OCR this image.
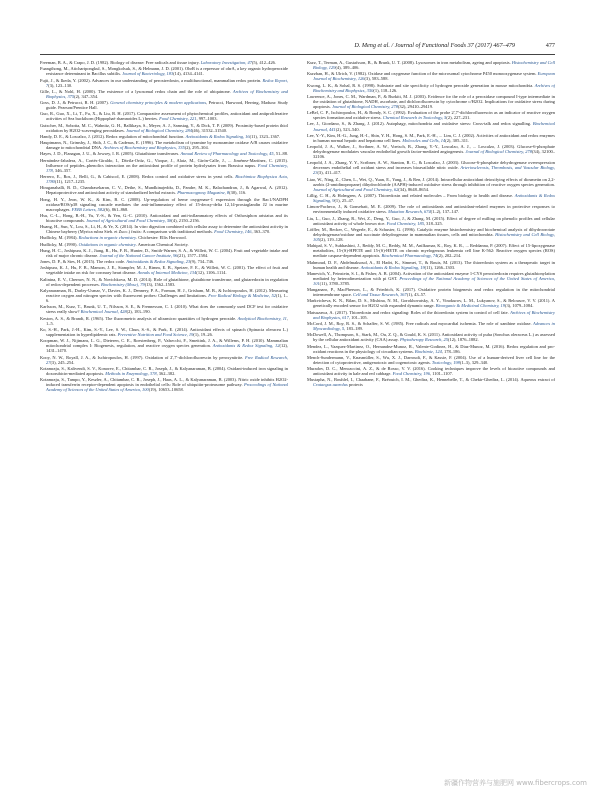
D. Meng et al. / Journal of Functional Foods 37 (2017) 467–479	477

Freeman, B. A., & Crapo, J. D. (1982). Biology of disease: Free radicals and tissue injury. Laboratory Investigation, 47(5), 412–426.

Fuangthong, M., Atichartpongkul, S., Mongkolsuk, S., & Helmann, J. D. (2001). OhrR is a repressor of ohrA, a key organic hydroperoxide resistance determinant in Bacillus subtilis. Journal of Bacteriology, 183(14), 4134–4141.

Fujii, J., & Ikeda, Y. (2002). Advances in our understanding of peroxiredoxin, a multifunctional, mammalian redox protein. Redox Report, 7(3), 123–130.

Gille, L., & Nohl, H. (2000). The existence of a lysosomal redox chain and the role of ubiquinone. Archives of Biochemistry and Biophysics, 375(2), 347–354.

Goss, D. J., & Petrucci, R. H. (2007). General chemistry principles & modern applications, Petrucci, Harwood, Herring, Madura: Study guide. Pearson/Prentice Hall.

Guo, R., Guo, X., Li, T., Fu, X., & Liu, R. H. (2017). Comparative assessment of phytochemical profiles, antioxidant and antiproliferative activities of Sea buckthorn (Hippophaë rhamnoides L.) berries. Food Chemistry, 221, 997–1003.

Gutscher, M., Sobotta, M. C., Wabnitz, G. H., Ballikaya, S., Meyer, A. J., Samstag, Y., & Dick, T. P. (2009). Proximity-based protein thiol oxidation by H2O2-scavenging peroxidases. Journal of Biological Chemistry, 284(46), 31532–31540.

Handy, D. E., & Loscalzo, J. (2012). Redox regulation of mitochondrial function. Antioxidants & Redox Signaling, 16(11), 1323–1367.

Hauptmann, N., Grimsby, J., Shih, J. C., & Cadenas, E. (1996). The metabolism of tyramine by monoamine oxidase A/B causes oxidative damage to mitochondrial DNA. Archives of Biochemistry and Biophysics, 335(2), 295–304.

Hayes, J. D., Flanagan, J. U., & Jowsey, I. R. (2005). Glutathione transferases. Annual Review of Pharmacology and Toxicology, 45, 51–88.

Hernández-Jabalera, A., Cortés-Giraldo, I., Dávila-Ortíz, G., Vioque, J., Alaiz, M., Girón-Calle, J., ... Jiménez-Martínez, C. (2015). Influence of peptides–phenolics interaction on the antioxidant profile of protein hydrolysates from Brassica napus. Food Chemistry, 178, 346–357.

Herrero, E., Ros, J., Bellí, G., & Cabiscol, E. (2008). Redox control and oxidative stress in yeast cells. Biochimica Biophysica Acta, 1780(11), 1217–1235.

Hiraganahalli, B. D., Chandrasekaran, C. V., Dethe, S., Mundkinajeddu, D., Pandre, M. K., Balachandran, J., & Agarwal, A. (2012). Hepatoprotective and antioxidant activity of standardized herbal extracts. Pharmacognosy Magazine, 8(30), 116.

Hong, H. Y., Jeon, W. K., & Kim, B. C. (2008). Up-regulation of heme oxygenase-1 expression through the Rac1/NADPH oxidase/ROS/p38 signaling cascade mediates the anti-inflammatory effect of 15-deoxy-delta 12,14-prostaglandin J2 in murine macrophages. FEBS Letters, 582(6), 861–868.

Hsu, C.-L., Hong, B.-H., Yu, Y.-S., & Yen, G.-C. (2010). Antioxidant and anti-inflammatory effects of Orthosiphon aristatus and its bioactive compounds. Journal of Agricultural and Food Chemistry, 58(4), 2150–2156.

Huang, H., Sun, Y., Lou, S., Li, H., & Ye, X. (2014). In vitro digestion combined with cellular assay to determine the antioxidant activity in Chinese bayberry (Myrica rubra Sieb. et Zucc.) fruits: A comparison with traditional methods. Food Chemistry, 146, 363–370.

Hudlicky, M. (1984). Reductions in organic chemistry. Chichester: Ellis Horwood.

Hudlicky, M. (1990). Oxidations in organic chemistry. American Chemical Society.

Hung, H. C., Joshipura, K. J., Jiang, R., Hu, F. B., Hunter, D., Smith-Warner, S. A., & Willett, W. C. (2004). Fruit and vegetable intake and risk of major chronic disease. Journal of the National Cancer Institute, 96(21), 1577–1584.

Jones, D. P., & Sies, H. (2015). The redox code. Antioxidants & Redox Signaling, 23(9), 734–746.

Joshipura, K. J., Hu, F. B., Manson, J. E., Stampfer, M. J., Rimm, E. B., Speizer, F. E., & Willett, W. C. (2001). The effect of fruit and vegetable intake on risk for coronary heart disease. Annals of Internal Medicine, 134(12), 1106–1114.

Kalinina, E. V., Chernov, N. N., & Novichkova, M. D. (2014). Role of glutathione, glutathione transferase, and glutaredoxin in regulation of redox-dependent processes. Biochemistry (Mosc), 79(13), 1562–1583.

Kalyanaraman, B., Darley-Usmar, V., Davies, K. J., Dennery, P. A., Forman, H. J., Grisham, M. B., & Ischiropoulos, H. (2012). Measuring reactive oxygen and nitrogen species with fluorescent probes: Challenges and limitations. Free Radical Biology & Medicine, 52(1), 1–6.

Karlsson, M., Kurz, T., Brunk, U. T., Nilsson, S. E., & Frennesson, C. I. (2010). What does the commonly used DCF test for oxidative stress really show? Biochemical Journal, 428(2), 183–190.

Keston, A. S., & Brandt, R. (1965). The fluorometric analysis of ultramicro quantities of hydrogen peroxide. Analytical Biochemistry, 11, 1–5.

Ko, S.-H., Park, J.-H., Kim, S.-Y., Lee, S. W., Chun, S.-S., & Park, E. (2014). Antioxidant effects of spinach (Spinacia oleracea L.) supplementation in hyperlipidemic rats. Preventive Nutrition and Food Science, 19(1), 19–26.

Koopman, W. J., Nijtmans, L. G., Dieteren, C. E., Roestenberg, P., Valsecchi, F., Smeitink, J. A., & Willems, P. H. (2010). Mammalian mitochondrial complex I: Biogenesis, regulation, and reactive oxygen species generation. Antioxidants & Redox Signaling, 12(12), 1431–1470.

Kooy, N. W., Royall, J. A., & Ischiropoulos, H. (1997). Oxidation of 2',7'-dichlorofluorescin by peroxynitrite. Free Radical Research, 27(3), 245–254.

Kotamraju, S., Kalivendi, S. V., Konorev, E., Chitambar, C. R., Joseph, J., & Kalyanaraman, B. (2004). Oxidant-induced iron signaling in doxorubicin-mediated apoptosis. Methods in Enzymology, 378, 362–382.

Kotamraju, S., Tampo, Y., Keszler, A., Chitambar, C. R., Joseph, J., Haas, A. L., & Kalyanaraman, B. (2003). Nitric oxide inhibits H2O2-induced transferrin receptor-dependent apoptosis in endothelial cells: Role of ubiquitin-proteasome pathway. Proceedings of National Academy of Sciences of the United States of America, 100(19), 10653–10658.

Kurz, T., Terman, A., Gustafsson, B., & Brunk, U. T. (2008). Lysosomes in iron metabolism, ageing and apoptosis. Histochemistry and Cell Biology, 129(4), 389–406.

Kurzban, H., & Ulrich, V. (1982). Oxidase and oxygenase function of the microsomal cytochrome P450 monooxygenase system. European Journal of Biochemistry, 126(3), 583–588.

Kwong, L. K., & Sohal, R. S. (1998). Substrate and site specificity of hydrogen peroxide generation in mouse mitochondria. Archives of Biochemistry and Biophysics, 350(1), 118–126.

Lawrence, A., Jones, C. M., Wardman, P., & Burkitt, M. J. (2003). Evidence for the role of a peroxidase compound I-type intermediate in the oxidation of glutathione, NADH, ascorbate, and dichlorofluorescin by cytochrome c/H2O2. Implications for oxidative stress during apoptosis. Journal of Biological Chemistry, 278(32), 29410–29419.

LeBel, C. P., Ischiropoulos, H., & Bondy, S. C. (1992). Evaluation of the probe 2',7'-dichlorofluorescin as an indicator of reactive oxygen species formation and oxidative stress. Chemical Research in Toxicology, 5(2), 227–231.

Lee, J., Giordano, S., & Zhang, J. (2012). Autophagy, mitochondria and oxidative stress: Cross-talk and redox signalling. Biochemical Journal, 441(2), 523–540.

Lee, Y.-Y., Kim, H.-G., Jung, H.-I., Shin, Y. H., Hong, S. M., Park, E.-H., ... Lim, C. J. (2002). Activities of antioxidant and redox enzymes in human normal hepatic and hepatoma cell lines. Molecules and Cells, 14(2), 305–311.

Leopold, J. A., Walker, J., Scribner, A. W., Voetsch, B., Zhang, Y.-Y., Loscalzo, A. J., ... Loscalzo, J. (2003). Glucose-6-phosphate dehydrogenase modulates vascular endothelial growth factor-mediated angiogenesis. Journal of Biological Chemistry, 278(34), 32100–32106.

Leopold, J. A., Zhang, Y. Y., Scribner, A. W., Stanton, R. C., & Loscalzo, J. (2003). Glucose-6-phosphate dehydrogenase overexpression decreases endothelial cell oxidant stress and increases bioavailable nitric oxide. Arteriosclerosis, Thrombosis, and Vascular Biology, 23(3), 411–417.

Liao, W., Ning, Z., Chen, L., Wei, Q., Yuan, E., Yang, J., & Ren, J. (2014). Intracellular antioxidant detoxifying effects of diosmetin on 2,2-azobis (2-amidinopropane) dihydrochloride (AAPH)-induced oxidative stress through inhibition of reactive oxygen species generation. Journal of Agricultural and Food Chemistry, 62(34), 8648–8654.

Lillig, C. H., & Holmgren, A. (2007). Thioredoxin and related molecules – From biology to health and disease. Antioxidants & Redox Signaling, 9(1), 25–47.

Limon-Pacheco, J., & Gonsebatt, M. E. (2009). The role of antioxidants and antioxidant-related enzymes in protective responses to environmentally induced oxidative stress. Mutation Research, 674(1–2), 137–147.

Liu, L., Guo, J., Zhang, R., Wei, Z., Deng, Y., Guo, J., & Zhang, M. (2015). Effect of degree of milling on phenolic profiles and cellular antioxidant activity of whole brown rice. Food Chemistry, 185, 318–325.

Löffler, M., Becker, C., Wegerle, E., & Schuster, G. (1996). Catalytic enzyme histochemistry and biochemical analysis of dihydroorotate dehydrogenase/oxidase and succinate dehydrogenase in mammalian tissues, cells and mitochondria. Histochemistry and Cell Biology, 105(2), 119–128.

Mahipal, S. V., Subhashini, J., Reddy, M. C., Reddy, M. M., Anilkumar, K., Roy, K. R., ... Reddanna, P. (2007). Effect of 15-lipoxygenase metabolites, 15-(S)-HPETE and 15-(S)-HETE on chronic myelogenous leukemia cell line K-562: Reactive oxygen species (ROS) mediate caspase-dependent apoptosis. Biochemical Pharmacology, 74(2), 202–214.

Mahmoud, D. F., Abdelmaksoud, A., El Hadri, K., Simmet, T., & Rouis, M. (2013). The thioredoxin system as a therapeutic target in human health and disease. Antioxidants & Redox Signaling, 19(11), 1266–1303.

Manevich, Y., Feinstein, S. I., & Fisher, A. B. (2004). Activation of the antioxidant enzyme 1-CYS peroxiredoxin requires glutathionylation mediated by heterodimerization with pi GST. Proceedings of the National Academy of Sciences of the United States of America, 101(11), 3780–3785.

Manganaro, P., MacPherson, L., & Friedrich, K. (2017). Oxidative protein biogenesis and redox regulation in the mitochondrial intermembrane space. Cell and Tissue Research, 367(1), 43–57.

Markvicheva, K. N., Bilan, D. S., Mishina, N. M., Gorokhovatsky, A. Y., Vinokurov, L. M., Lukyanov, S., & Belousov, V. V. (2011). A genetically encoded sensor for H2O2 with expanded dynamic range. Bioorganic & Medicinal Chemistry, 19(3), 1079–1084.

Matsuzawa, A. (2017). Thioredoxin and redox signaling: Roles of the thioredoxin system in control of cell fate. Archives of Biochemistry and Biophysics, 617, 101–105.

McCord, J. M., Roy, R. S., & Schaffer, S. W. (1985). Free radicals and myocardial ischemia. The role of xanthine oxidase. Advances in Myocardiology, 5, 183–189.

McDowell, A., Thompson, S., Stark, M., Ou, Z. Q., & Gould, K. S. (2011). Antioxidant activity of puha (Sonchus oleraceus L.) as assessed by the cellular antioxidant activity (CAA) assay. Phytotherapy Research, 25(12), 1876–1882.

Mendez, L., Vazquez-Martinez, O., Hernandez-Munoz, R., Valente-Godinez, H., & Diaz-Munoz, M. (2016). Redox regulation and pro-oxidant reactions in the physiology of circadian systems. Biochimie, 124, 178–186.

Mench-Sundermann, V., Knasmüller, S., Wu, X. J., Darroudi, F., & Kassie, F. (2004). Use of a human-derived liver cell line for the detection of cytoprotective, antigenotoxic and cogenotoxic agents. Toxicology, 198(1–3), 329–340.

Muradov, D. C., Mencaccini, A. Z., & de Rosso, V. V. (2016). Cooking techniques improve the levels of bioactive compounds and antioxidant activity in kale and red cabbage. Food Chemistry, 196, 1101–1107.

Mustapha, N., Bouhlel, I., Chaabane, F., Bzéouich, I. M., Ghedira, K., Hennebelle, T., & Chekir-Ghedira, L. (2014). Aqueous extract of Crataegus azarolus protects

新疆作物营养与施肥网 www.fibercrops.com
